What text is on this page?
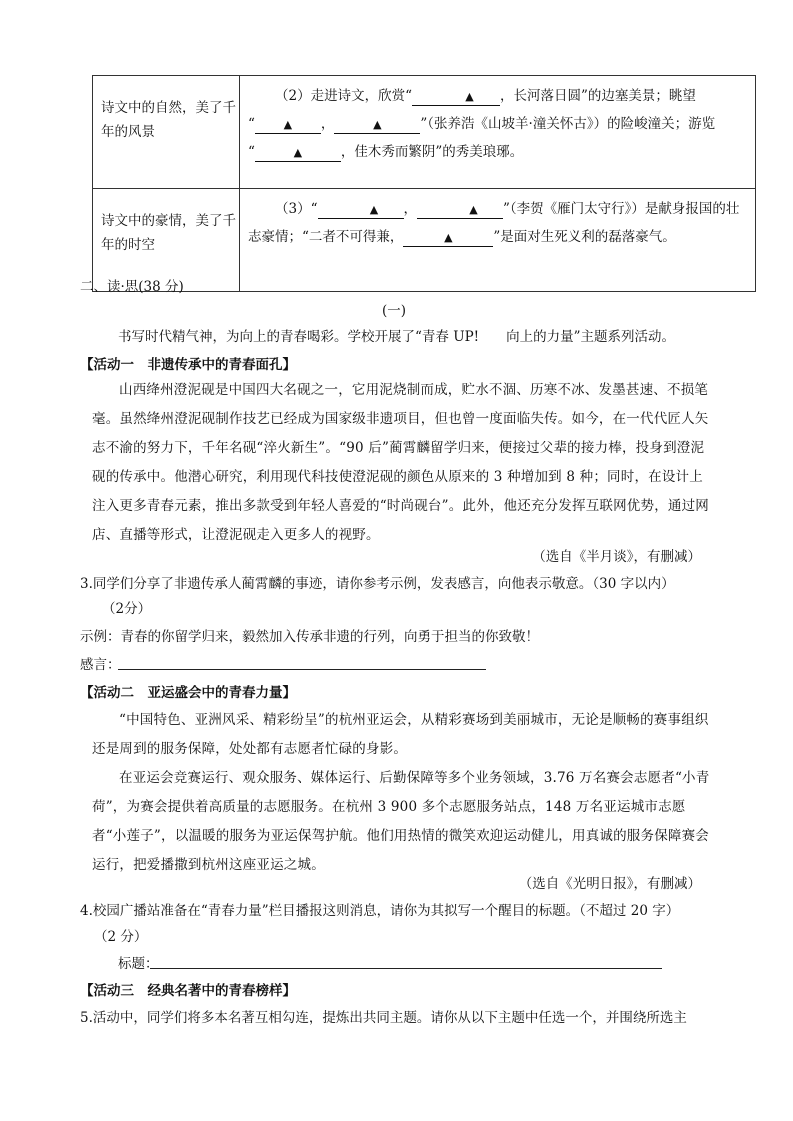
诗文中的自然，美了千年的风景	（2）走进诗文，欣赏“ ▲ ，长河落日圆”的边塞美景；眺望
“ ▲ ， ▲ ”（张养浩《山坡羊·潼关怀古》）的险峻潼关；游览
“ ▲ ，佳木秀而繁阴”的秀美琅琊。

诗文中的豪情，美了千年的时空	（3）“ ▲ ， ▲ ”（李贺《雁门太守行》）是献身报国的壮
志豪情；“二者不可得兼， ▲ ”是面对生死义利的磊落豪气。
二、读·思(38 分)
(一)
书写时代精气神，为向上的青春喝彩。学校开展了“青春 UP!　　向上的力量”主题系列活动。
【活动一　非遗传承中的青春面孔】
山西绛州澄泥砚是中国四大名砚之一，它用泥烧制而成，贮水不涸、历寒不冰、发墨甚速、不损笔毫。虽然绛州澄泥砚制作技艺已经成为国家级非遗项目，但也曾一度面临失传。如今，在一代代匠人矢志不渝的努力下，千年名砚“淬火新生”。“90 后”蔺霄麟留学归来，便接过父辈的接力棒，投身到澄泥砚的传承中。他潜心研究，利用现代科技使澄泥砚的颜色从原来的 3 种增加到 8 种；同时，在设计上注入更多青春元素，推出多款受到年轻人喜爱的“时尚砚台”。此外，他还充分发挥互联网优势，通过网店、直播等形式，让澄泥砚走入更多人的视野。
（选自《半月谈》，有删减）
3.同学们分享了非遗传承人蔺霄麟的事迹，请你参考示例，发表感言，向他表示敬意。（30 字以内）
（2分）
示例：青春的你留学归来，毅然加入传承非遗的行列，向勇于担当的你致敬！
感言：
【活动二　亚运盛会中的青春力量】
“中国特色、亚洲风采、精彩纷呈”的杭州亚运会，从精彩赛场到美丽城市，无论是顺畅的赛事组织还是周到的服务保障，处处都有志愿者忙碌的身影。
在亚运会竞赛运行、观众服务、媒体运行、后勤保障等多个业务领域，3.76 万名赛会志愿者“小青荷”，为赛会提供着高质量的志愿服务。在杭州 3 900 多个志愿服务站点，148 万名亚运城市志愿者“小莲子”，以温暖的服务为亚运保驾护航。他们用热情的微笑欢迎运动健儿，用真诚的服务保障赛会运行，把爱播撒到杭州这座亚运之城。
（选自《光明日报》，有删减）
4.校园广播站准备在“青春力量”栏目播报这则消息，请你为其拟写一个醒目的标题。（不超过 20 字）
（2 分）
标题：
【活动三　经典名著中的青春榜样】
5.活动中，同学们将多本名著互相勾连，提炼出共同主题。请你从以下主题中任选一个，并围绕所选主
